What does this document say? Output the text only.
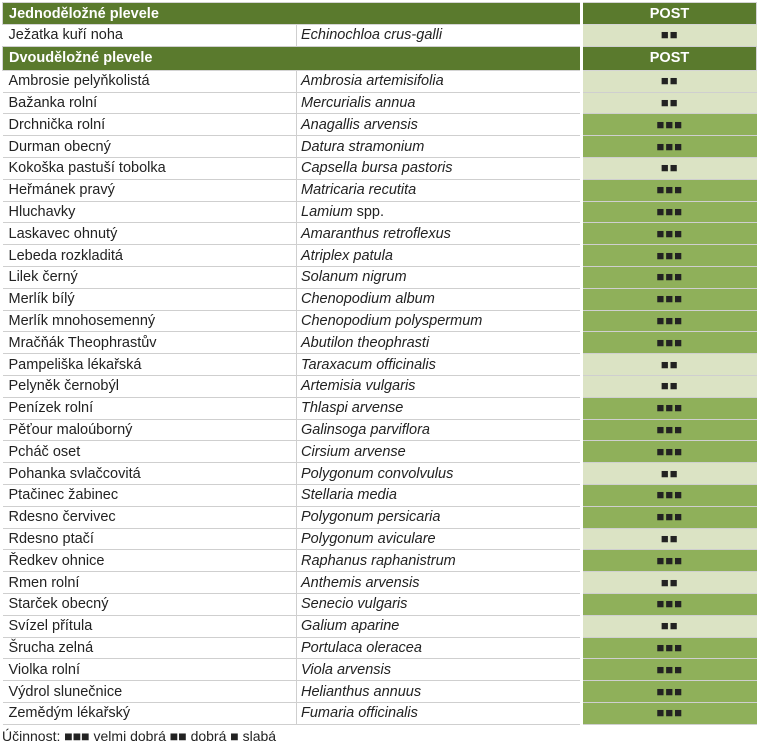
Jednoděložné plevele		POST
Ježatka kuří noha	Echinochloa crus-galli	■■
Dvouděložné plevele		POST
Ambrosie pelyňkolistá	Ambrosia artemisifolia	■■
Bažanka rolní	Mercurialis annua	■■
Drchnička rolní	Anagallis arvensis	■■■
Durman obecný	Datura stramonium	■■■
Kokoška pastuší tobolka	Capsella bursa pastoris	■■
Heřmánek pravý	Matricaria recutita	■■■
Hluchavky	Lamium spp.	■■■
Laskavec ohnutý	Amaranthus retroflexus	■■■
Lebeda rozkladitá	Atriplex patula	■■■
Lilek černý	Solanum nigrum	■■■
Merlík bílý	Chenopodium album	■■■
Merlík mnohosemenný	Chenopodium polyspermum	■■■
Mračňák Theophrastův	Abutilon theophrasti	■■■
Pampeliška lékařská	Taraxacum officinalis	■■
Pelyněk černobýl	Artemisia vulgaris	■■
Penízek rolní	Thlaspi arvense	■■■
Pěťour maloúborný	Galinsoga parviflora	■■■
Pcháč oset	Cirsium arvense	■■■
Pohanka svlačcovitá	Polygonum convolvulus	■■
Ptačinec žabinec	Stellaria media	■■■
Rdesno červivec	Polygonum persicaria	■■■
Rdesno ptačí	Polygonum aviculare	■■
Ředkev ohnice	Raphanus raphanistrum	■■■
Rmen rolní	Anthemis arvensis	■■
Starček obecný	Senecio vulgaris	■■■
Svízel přítula	Galium aparine	■■
Šrucha zelná	Portulaca oleracea	■■■
Violka rolní	Viola arvensis	■■■
Výdrol slunečnice	Helianthus annuus	■■■
Zemědým lékařský	Fumaria officinalis	■■■
Účinnost: ■■■ velmi dobrá ■■ dobrá ■ slabá
